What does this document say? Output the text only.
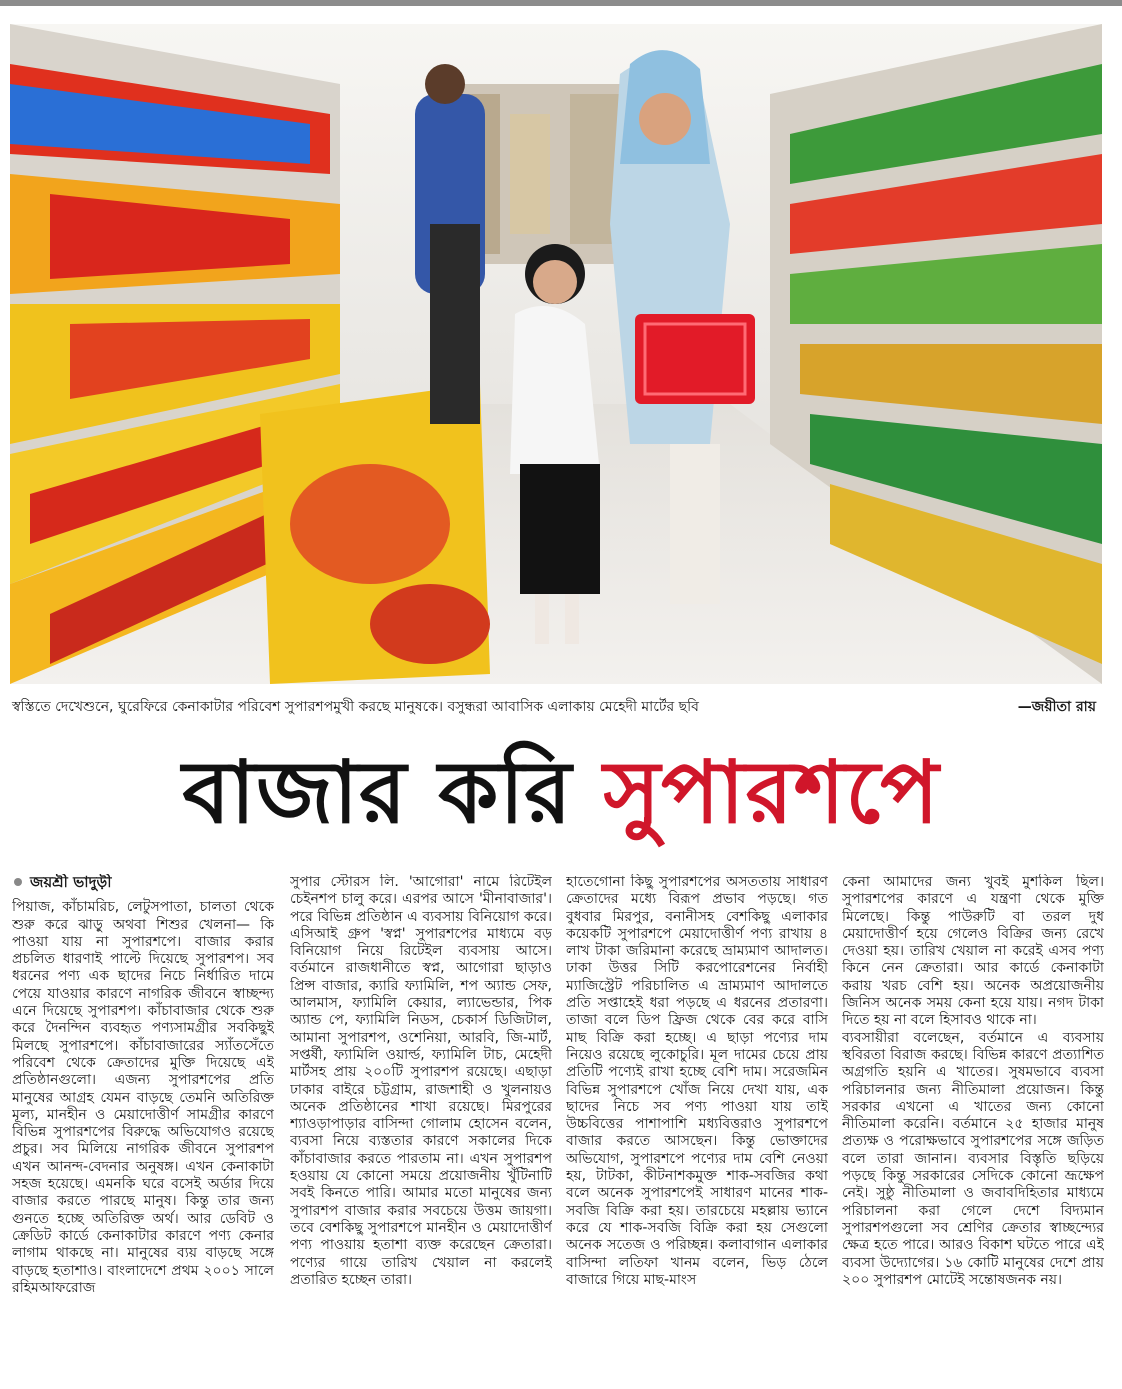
স্বস্তিতে দেখেশুনে, ঘুরেফিরে কেনাকাটার পরিবেশ সুপারশপমুখী করছে মানুষকে। বসুন্ধরা আবাসিক এলাকায় মেহেদী মার্টের ছবি	—জয়ীতা রায়
বাজার করি সুপারশপে

জয়শ্রী ভাদুড়ী

পিয়াজ, কাঁচামরিচ, লেটুসপাতা, চালতা থেকে শুরু করে ঝাড়ু অথবা শিশুর খেলনা— কি পাওয়া যায় না সুপারশপে। বাজার করার প্রচলিত ধারণাই পাল্টে দিয়েছে সুপারশপ। সব ধরনের পণ্য এক ছাদের নিচে নির্ধারিত দামে পেয়ে যাওয়ার কারণে নাগরিক জীবনে স্বাচ্ছন্দ্য এনে দিয়েছে সুপারশপ। কাঁচাবাজার থেকে শুরু করে দৈনন্দিন ব্যবহৃত পণ্যসামগ্রীর সবকিছুই মিলছে সুপারশপে। কাঁচাবাজারের স্যাঁতসেঁতে পরিবেশ থেকে ক্রেতাদের মুক্তি দিয়েছে এই প্রতিষ্ঠানগুলো। এজন্য সুপারশপের প্রতি মানুষের আগ্রহ যেমন বাড়ছে তেমনি অতিরিক্ত মূল্য, মানহীন ও মেয়াদোত্তীর্ণ সামগ্রীর কারণে বিভিন্ন সুপারশপের বিরুদ্ধে অভিযোগও রয়েছে প্রচুর। সব মিলিয়ে নাগরিক জীবনে সুপারশপ এখন আনন্দ-বেদনার অনুষঙ্গ। এখন কেনাকাটা সহজ হয়েছে। এমনকি ঘরে বসেই অর্ডার দিয়ে বাজার করতে পারছে মানুষ। কিন্তু তার জন্য গুনতে হচ্ছে অতিরিক্ত অর্থ। আর ডেবিট ও ক্রেডিট কার্ডে কেনাকাটার কারণে পণ্য কেনার লাগাম থাকছে না। মানুষের ব্যয় বাড়ছে সঙ্গে বাড়ছে হতাশাও। বাংলাদেশে প্রথম ২০০১ সালে রহিমআফরোজ

সুপার স্টোরস লি. 'আগোরা' নামে রিটেইল চেইনশপ চালু করে। এরপর আসে 'মীনাবাজার'। পরে বিভিন্ন প্রতিষ্ঠান এ ব্যবসায় বিনিয়োগ করে। এসিআই গ্রুপ 'স্বপ্ন' সুপারশপের মাধ্যমে বড় বিনিয়োগ নিয়ে রিটেইল ব্যবসায় আসে। বর্তমানে রাজধানীতে স্বপ্ন, আগোরা ছাড়াও প্রিন্স বাজার, ক্যারি ফ্যামিলি, শপ অ্যান্ড সেফ, আলমাস, ফ্যামিলি কেয়ার, ল্যাভেন্ডার, পিক অ্যান্ড পে, ফ্যামিলি নিডস, চেকার্স ডিজিটাল, আমানা সুপারশপ, ওশেনিয়া, আরবি, জি-মার্ট, সপ্তর্ষী, ফ্যামিলি ওয়ার্ল্ড, ফ্যামিলি টাচ, মেহেদী মার্টসহ প্রায় ২০০টি সুপারশপ রয়েছে। এছাড়া ঢাকার বাইরে চট্টগ্রাম, রাজশাহী ও খুলনায়ও অনেক প্রতিষ্ঠানের শাখা রয়েছে। মিরপুরের শ্যাওড়াপাড়ার বাসিন্দা গোলাম হোসেন বলেন, ব্যবসা নিয়ে ব্যস্ততার কারণে সকালের দিকে কাঁচাবাজার করতে পারতাম না। এখন সুপারশপ হওয়ায় যে কোনো সময়ে প্রয়োজনীয় খুঁটিনাটি সবই কিনতে পারি। আমার মতো মানুষের জন্য সুপারশপ বাজার করার সবচেয়ে উত্তম জায়গা। তবে বেশকিছু সুপারশপে মানহীন ও মেয়াদোত্তীর্ণ পণ্য পাওয়ায় হতাশা ব্যক্ত করেছেন ক্রেতারা। পণ্যের গায়ে তারিখ খেয়াল না করলেই প্রতারিত হচ্ছেন তারা।

হাতেগোনা কিছু সুপারশপের অসততায় সাধারণ ক্রেতাদের মধ্যে বিরূপ প্রভাব পড়ছে। গত বুধবার মিরপুর, বনানীসহ বেশকিছু এলাকার কয়েকটি সুপারশপে মেয়াদোত্তীর্ণ পণ্য রাখায় ৪ লাখ টাকা জরিমানা করেছে ভ্রাম্যমাণ আদালত। ঢাকা উত্তর সিটি করপোরেশনের নির্বাহী ম্যাজিস্ট্রেট পরিচালিত এ ভ্রাম্যমাণ আদালতে প্রতি সপ্তাহেই ধরা পড়ছে এ ধরনের প্রতারণা। তাজা বলে ডিপ ফ্রিজ থেকে বের করে বাসি মাছ বিক্রি করা হচ্ছে। এ ছাড়া পণ্যের দাম নিয়েও রয়েছে লুকোচুরি। মূল দামের চেয়ে প্রায় প্রতিটি পণ্যেই রাখা হচ্ছে বেশি দাম। সরেজমিন বিভিন্ন সুপারশপে খোঁজ নিয়ে দেখা যায়, এক ছাদের নিচে সব পণ্য পাওয়া যায় তাই উচ্চবিত্তের পাশাপাশি মধ্যবিত্তরাও সুপারশপে বাজার করতে আসছেন। কিন্তু ভোক্তাদের অভিযোগ, সুপারশপে পণ্যের দাম বেশি নেওয়া হয়, টাটকা, কীটনাশকমুক্ত শাক-সবজির কথা বলে অনেক সুপারশপেই সাধারণ মানের শাক-সবজি বিক্রি করা হয়। তারচেয়ে মহল্লায় ভ্যানে করে যে শাক-সবজি বিক্রি করা হয় সেগুলো অনেক সতেজ ও পরিচ্ছন্ন। কলাবাগান এলাকার বাসিন্দা লতিফা খানম বলেন, ভিড় ঠেলে বাজারে গিয়ে মাছ-মাংস

কেনা আমাদের জন্য খুবই মুশকিল ছিল। সুপারশপের কারণে এ যন্ত্রণা থেকে মুক্তি মিলেছে। কিন্তু পাউরুটি বা তরল দুধ মেয়াদোত্তীর্ণ হয়ে গেলেও বিক্রির জন্য রেখে দেওয়া হয়। তারিখ খেয়াল না করেই এসব পণ্য কিনে নেন ক্রেতারা। আর কার্ডে কেনাকাটা করায় খরচ বেশি হয়। অনেক অপ্রয়োজনীয় জিনিস অনেক সময় কেনা হয়ে যায়। নগদ টাকা দিতে হয় না বলে হিসাবও থাকে না।

ব্যবসায়ীরা বলেছেন, বর্তমানে এ ব্যবসায় স্থবিরতা বিরাজ করছে। বিভিন্ন কারণে প্রত্যাশিত অগ্রগতি হয়নি এ খাতের। সুষমভাবে ব্যবসা পরিচালনার জন্য নীতিমালা প্রয়োজন। কিন্তু সরকার এখনো এ খাতের জন্য কোনো নীতিমালা করেনি। বর্তমানে ২৫ হাজার মানুষ প্রত্যক্ষ ও পরোক্ষভাবে সুপারশপের সঙ্গে জড়িত বলে তারা জানান। ব্যবসার বিস্তৃতি ছড়িয়ে পড়ছে কিন্তু সরকারের সেদিকে কোনো ভ্রূক্ষেপ নেই। সুষ্ঠু নীতিমালা ও জবাবদিহিতার মাধ্যমে পরিচালনা করা গেলে দেশে বিদ্যমান সুপারশপগুলো সব শ্রেণির ক্রেতার স্বাচ্ছন্দ্যের ক্ষেত্র হতে পারে। আরও বিকাশ ঘটতে পারে এই ব্যবসা উদ্যোগের। ১৬ কোটি মানুষের দেশে প্রায় ২০০ সুপারশপ মোটেই সন্তোষজনক নয়।
